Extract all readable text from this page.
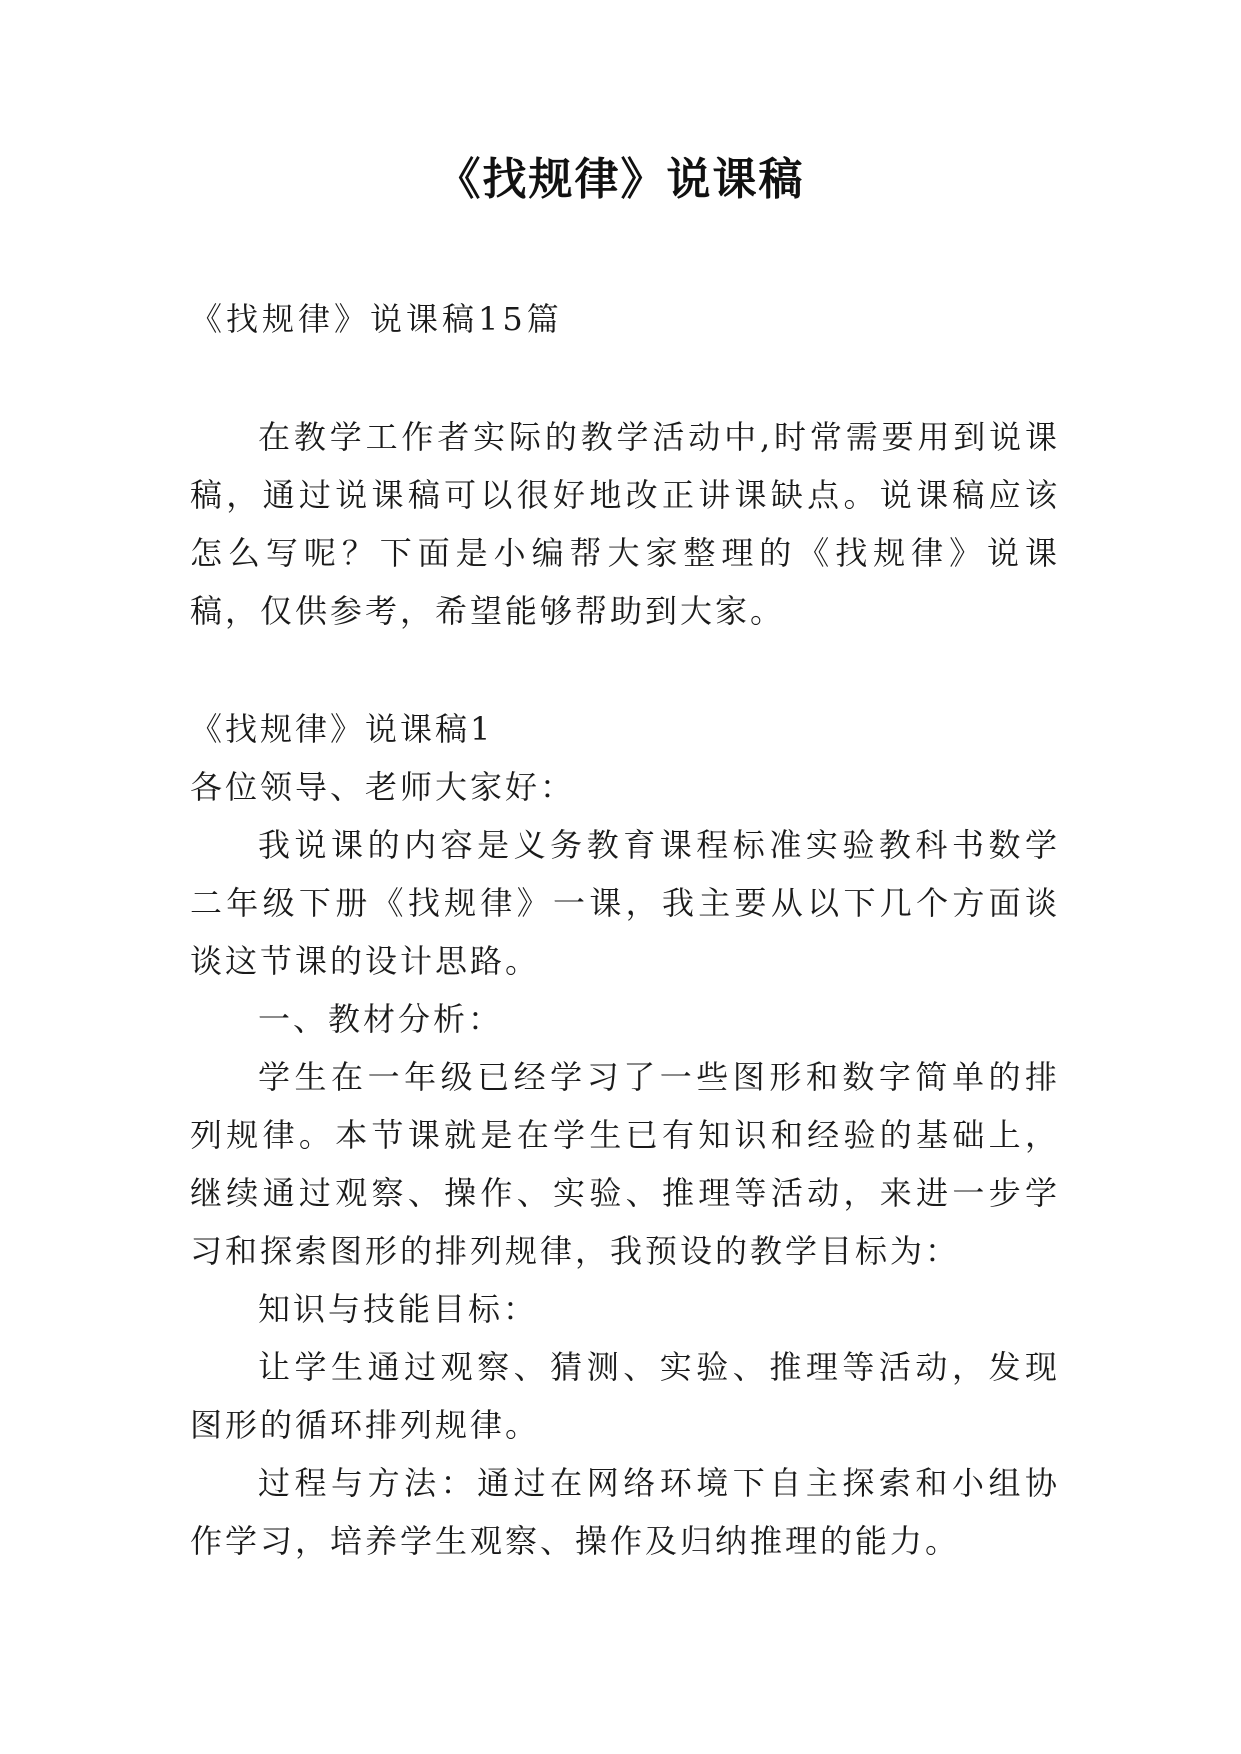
《找规律》说课稿
《找规律》说课稿15篇

在教学工作者实际的教学活动中,时常需要用到说课稿，通过说课稿可以很好地改正讲课缺点。说课稿应该怎么写呢？下面是小编帮大家整理的《找规律》说课稿，仅供参考，希望能够帮助到大家。

《找规律》说课稿1

各位领导、老师大家好：

我说课的内容是义务教育课程标准实验教科书数学二年级下册《找规律》一课，我主要从以下几个方面谈谈这节课的设计思路。

一、教材分析：

学生在一年级已经学习了一些图形和数字简单的排列规律。本节课就是在学生已有知识和经验的基础上，继续通过观察、操作、实验、推理等活动，来进一步学习和探索图形的排列规律，我预设的教学目标为：

知识与技能目标：

让学生通过观察、猜测、实验、推理等活动，发现图形的循环排列规律。

过程与方法：通过在网络环境下自主探索和小组协作学习，培养学生观察、操作及归纳推理的能力。
